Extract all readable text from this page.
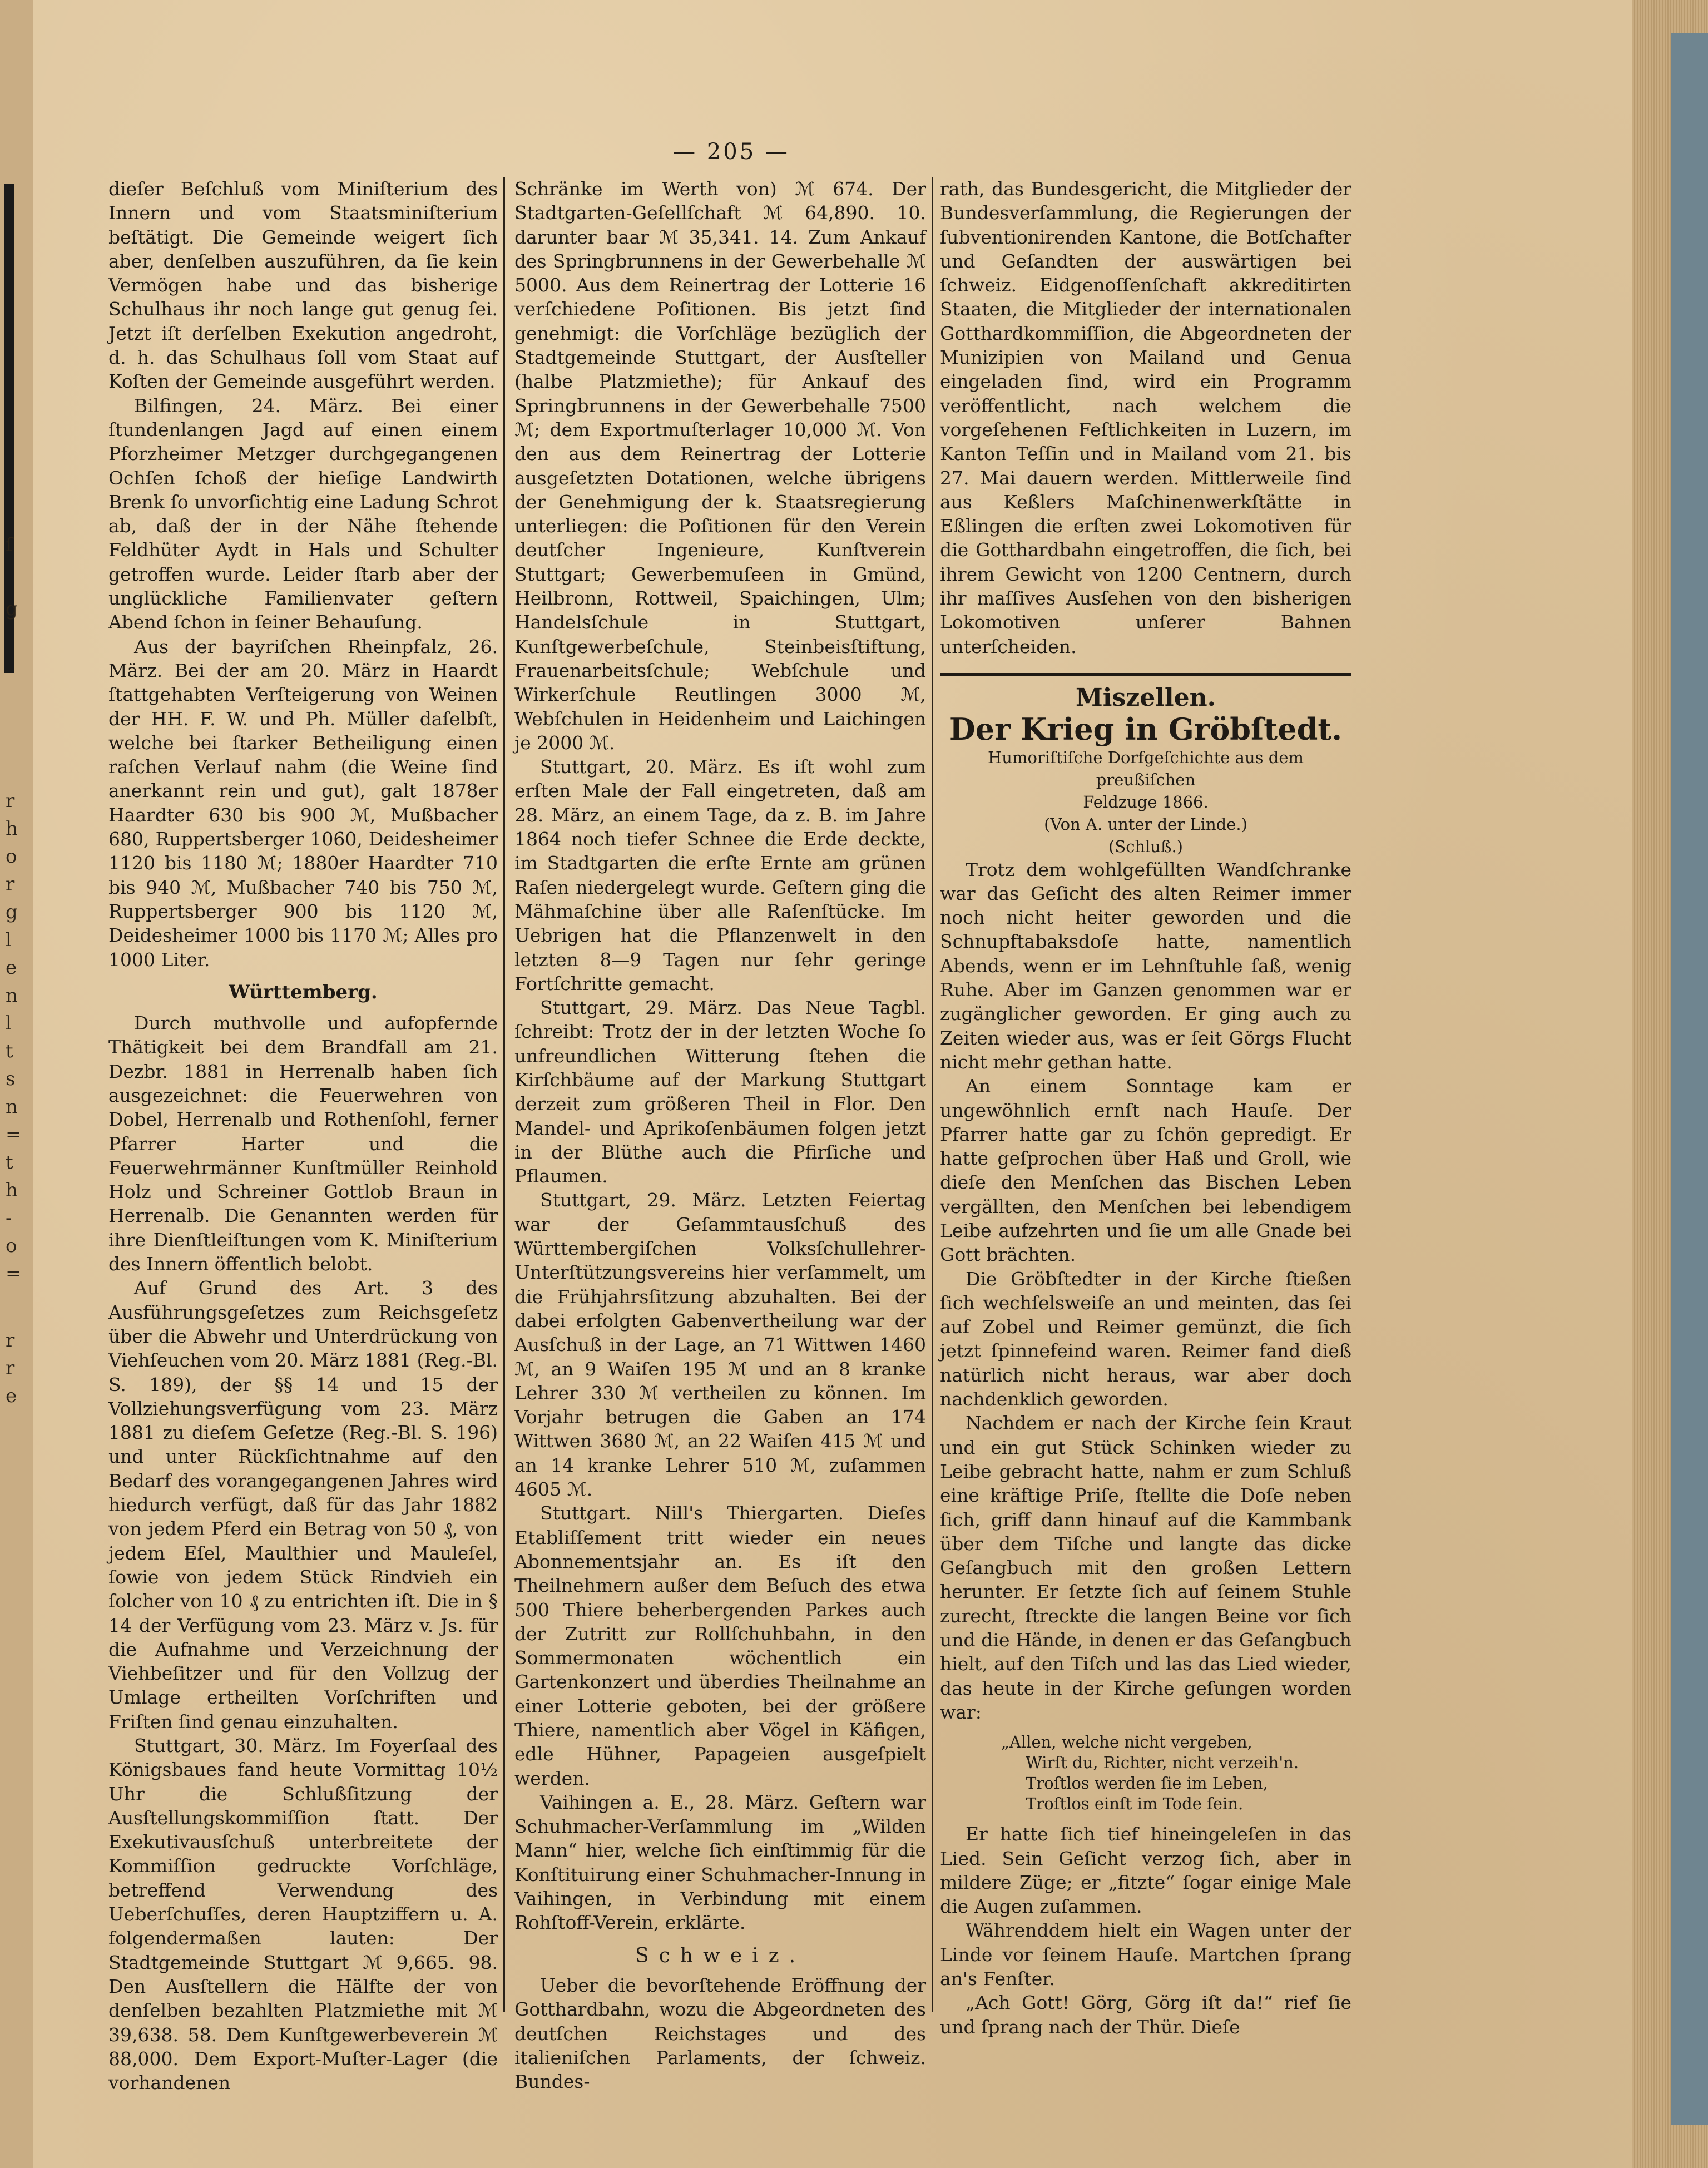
ſ
g
r
h
o
r
g
l
e
n
l
t
s
n
=
t
h
-
o
=
r
r
e
— 205 —

dieſer Beſchluß vom Miniſterium des Innern und vom Staatsminiſterium beſtätigt. Die Gemeinde weigert ſich aber, denſelben auszuführen, da ſie kein Vermögen habe und das bisherige Schulhaus ihr noch lange gut genug ſei. Jetzt iſt derſelben Exekution angedroht, d. h. das Schulhaus ſoll vom Staat auf Koſten der Gemeinde ausgeführt werden.

Bilfingen, 24. März. Bei einer ſtundenlangen Jagd auf einen einem Pforzheimer Metzger durchgegangenen Ochſen ſchoß der hieſige Landwirth Brenk ſo unvorſichtig eine Ladung Schrot ab, daß der in der Nähe ſtehende Feldhüter Aydt in Hals und Schulter getroffen wurde. Leider ſtarb aber der unglückliche Familienvater geſtern Abend ſchon in ſeiner Behauſung.

Aus der bayriſchen Rheinpfalz, 26. März. Bei der am 20. März in Haardt ſtattgehabten Verſteigerung von Weinen der HH. F. W. und Ph. Müller daſelbſt, welche bei ſtarker Betheiligung einen raſchen Verlauf nahm (die Weine ſind anerkannt rein und gut), galt 1878er Haardter 630 bis 900 ℳ, Mußbacher 680, Ruppertsberger 1060, Deidesheimer 1120 bis 1180 ℳ; 1880er Haardter 710 bis 940 ℳ, Mußbacher 740 bis 750 ℳ, Ruppertsberger 900 bis 1120 ℳ, Deidesheimer 1000 bis 1170 ℳ; Alles pro 1000 Liter.

Württemberg.

Durch muthvolle und aufopfernde Thätigkeit bei dem Brandfall am 21. Dezbr. 1881 in Herrenalb haben ſich ausgezeichnet: die Feuerwehren von Dobel, Herrenalb und Rothenſohl, ferner Pfarrer Harter und die Feuerwehrmänner Kunſtmüller Reinhold Holz und Schreiner Gottlob Braun in Herrenalb. Die Genannten werden für ihre Dienſtleiſtungen vom K. Miniſterium des Innern öffentlich belobt.

Auf Grund des Art. 3 des Ausführungsgeſetzes zum Reichsgeſetz über die Abwehr und Unterdrückung von Viehſeuchen vom 20. März 1881 (Reg.-Bl. S. 189), der §§ 14 und 15 der Vollziehungsverfügung vom 23. März 1881 zu dieſem Geſetze (Reg.-Bl. S. 196) und unter Rückſichtnahme auf den Bedarf des vorangegangenen Jahres wird hiedurch verfügt, daß für das Jahr 1882 von jedem Pferd ein Betrag von 50 ₰, von jedem Eſel, Maulthier und Mauleſel, ſowie von jedem Stück Rindvieh ein ſolcher von 10 ₰ zu entrichten iſt. Die in § 14 der Verfügung vom 23. März v. Js. für die Aufnahme und Verzeichnung der Viehbeſitzer und für den Vollzug der Umlage ertheilten Vorſchriften und Friſten ſind genau einzuhalten.

Stuttgart, 30. März. Im Foyerſaal des Königsbaues fand heute Vormittag 10½ Uhr die Schlußſitzung der Ausſtellungskommiſſion ſtatt. Der Exekutivausſchuß unterbreitete der Kommiſſion gedruckte Vorſchläge, betreffend Verwendung des Ueberſchuſſes, deren Hauptziffern u. A. folgendermaßen lauten: Der Stadtgemeinde Stuttgart ℳ 9,665. 98. Den Ausſtellern die Hälfte der von denſelben bezahlten Platzmiethe mit ℳ 39,638. 58. Dem Kunſtgewerbeverein ℳ 88,000. Dem Export-Muſter-Lager (die vorhandenen

Schränke im Werth von) ℳ 674. Der Stadtgarten-Geſellſchaft ℳ 64,890. 10. darunter baar ℳ 35,341. 14. Zum Ankauf des Springbrunnens in der Gewerbehalle ℳ 5000. Aus dem Reinertrag der Lotterie 16 verſchiedene Poſitionen. Bis jetzt ſind genehmigt: die Vorſchläge bezüglich der Stadtgemeinde Stuttgart, der Ausſteller (halbe Platzmiethe); für Ankauf des Springbrunnens in der Gewerbehalle 7500 ℳ; dem Exportmuſterlager 10,000 ℳ. Von den aus dem Reinertrag der Lotterie ausgeſetzten Dotationen, welche übrigens der Genehmigung der k. Staatsregierung unterliegen: die Poſitionen für den Verein deutſcher Ingenieure, Kunſtverein Stuttgart; Gewerbemuſeen in Gmünd, Heilbronn, Rottweil, Spaichingen, Ulm; Handelsſchule in Stuttgart, Kunſtgewerbeſchule, Steinbeisſtiftung, Frauenarbeitsſchule; Webſchule und Wirkerſchule Reutlingen 3000 ℳ, Webſchulen in Heidenheim und Laichingen je 2000 ℳ.

Stuttgart, 20. März. Es iſt wohl zum erſten Male der Fall eingetreten, daß am 28. März, an einem Tage, da z. B. im Jahre 1864 noch tiefer Schnee die Erde deckte, im Stadtgarten die erſte Ernte am grünen Raſen niedergelegt wurde. Geſtern ging die Mähmaſchine über alle Raſenſtücke. Im Uebrigen hat die Pflanzenwelt in den letzten 8—9 Tagen nur ſehr geringe Fortſchritte gemacht.

Stuttgart, 29. März. Das Neue Tagbl. ſchreibt: Trotz der in der letzten Woche ſo unfreundlichen Witterung ſtehen die Kirſchbäume auf der Markung Stuttgart derzeit zum größeren Theil in Flor. Den Mandel- und Aprikoſenbäumen folgen jetzt in der Blüthe auch die Pfirſiche und Pflaumen.

Stuttgart, 29. März. Letzten Feiertag war der Geſammtausſchuß des Württembergiſchen Volksſchullehrer-Unterſtützungsvereins hier verſammelt, um die Frühjahrsſitzung abzuhalten. Bei der dabei erfolgten Gabenvertheilung war der Ausſchuß in der Lage, an 71 Wittwen 1460 ℳ, an 9 Waiſen 195 ℳ und an 8 kranke Lehrer 330 ℳ vertheilen zu können. Im Vorjahr betrugen die Gaben an 174 Wittwen 3680 ℳ, an 22 Waiſen 415 ℳ und an 14 kranke Lehrer 510 ℳ, zuſammen 4605 ℳ.

Stuttgart. Nill's Thiergarten. Dieſes Etabliſſement tritt wieder ein neues Abonnementsjahr an. Es iſt den Theilnehmern außer dem Beſuch des etwa 500 Thiere beherbergenden Parkes auch der Zutritt zur Rollſchuhbahn, in den Sommermonaten wöchentlich ein Gartenkonzert und überdies Theilnahme an einer Lotterie geboten, bei der größere Thiere, namentlich aber Vögel in Käfigen, edle Hühner, Papageien ausgeſpielt werden.

Vaihingen a. E., 28. März. Geſtern war Schuhmacher-Verſammlung im „Wilden Mann“ hier, welche ſich einſtimmig für die Konſtituirung einer Schuhmacher-Innung in Vaihingen, in Verbindung mit einem Rohſtoff-Verein, erklärte.

Schweiz.

Ueber die bevorſtehende Eröffnung der Gotthardbahn, wozu die Abgeordneten des deutſchen Reichstages und des italieniſchen Parlaments, der ſchweiz. Bundes-

rath, das Bundesgericht, die Mitglieder der Bundesverſammlung, die Regierungen der ſubventionirenden Kantone, die Botſchafter und Geſandten der auswärtigen bei ſchweiz. Eidgenoſſenſchaft akkreditirten Staaten, die Mitglieder der internationalen Gotthardkommiſſion, die Abgeordneten der Munizipien von Mailand und Genua eingeladen ſind, wird ein Programm veröffentlicht, nach welchem die vorgeſehenen Feſtlichkeiten in Luzern, im Kanton Teſſin und in Mailand vom 21. bis 27. Mai dauern werden. Mittlerweile ſind aus Keßlers Maſchinenwerkſtätte in Eßlingen die erſten zwei Lokomotiven für die Gotthardbahn eingetroffen, die ſich, bei ihrem Gewicht von 1200 Centnern, durch ihr maſſives Ausſehen von den bisherigen Lokomotiven unſerer Bahnen unterſcheiden.

Miszellen.
Der Krieg in Gröbſtedt.
Humoriſtiſche Dorfgeſchichte aus dem preußiſchen
Feldzuge 1866.
(Von A. unter der Linde.)
(Schluß.)

Trotz dem wohlgefüllten Wandſchranke war das Geſicht des alten Reimer immer noch nicht heiter geworden und die Schnupftabaksdoſe hatte, namentlich Abends, wenn er im Lehnſtuhle ſaß, wenig Ruhe. Aber im Ganzen genommen war er zugänglicher geworden. Er ging auch zu Zeiten wieder aus, was er ſeit Görgs Flucht nicht mehr gethan hatte.

An einem Sonntage kam er ungewöhnlich ernſt nach Hauſe. Der Pfarrer hatte gar zu ſchön gepredigt. Er hatte geſprochen über Haß und Groll, wie dieſe den Menſchen das Bischen Leben vergällten, den Menſchen bei lebendigem Leibe aufzehrten und ſie um alle Gnade bei Gott brächten.

Die Gröbſtedter in der Kirche ſtießen ſich wechſelsweiſe an und meinten, das ſei auf Zobel und Reimer gemünzt, die ſich jetzt ſpinnefeind waren. Reimer fand dieß natürlich nicht heraus, war aber doch nachdenklich geworden.

Nachdem er nach der Kirche ſein Kraut und ein gut Stück Schinken wieder zu Leibe gebracht hatte, nahm er zum Schluß eine kräftige Priſe, ſtellte die Doſe neben ſich, griff dann hinauf auf die Kammbank über dem Tiſche und langte das dicke Geſangbuch mit den großen Lettern herunter. Er ſetzte ſich auf ſeinem Stuhle zurecht, ſtreckte die langen Beine vor ſich und die Hände, in denen er das Geſangbuch hielt, auf den Tiſch und las das Lied wieder, das heute in der Kirche geſungen worden war:

„Allen, welche nicht vergeben,
Wirſt du, Richter, nicht verzeih'n.
Troſtlos werden ſie im Leben,
Troſtlos einſt im Tode ſein.

Er hatte ſich tief hineingeleſen in das Lied. Sein Geſicht verzog ſich, aber in mildere Züge; er „fitzte“ ſogar einige Male die Augen zuſammen.

Währenddem hielt ein Wagen unter der Linde vor ſeinem Hauſe. Martchen ſprang an's Fenſter.

„Ach Gott! Görg, Görg iſt da!“ rief ſie und ſprang nach der Thür. Dieſe
